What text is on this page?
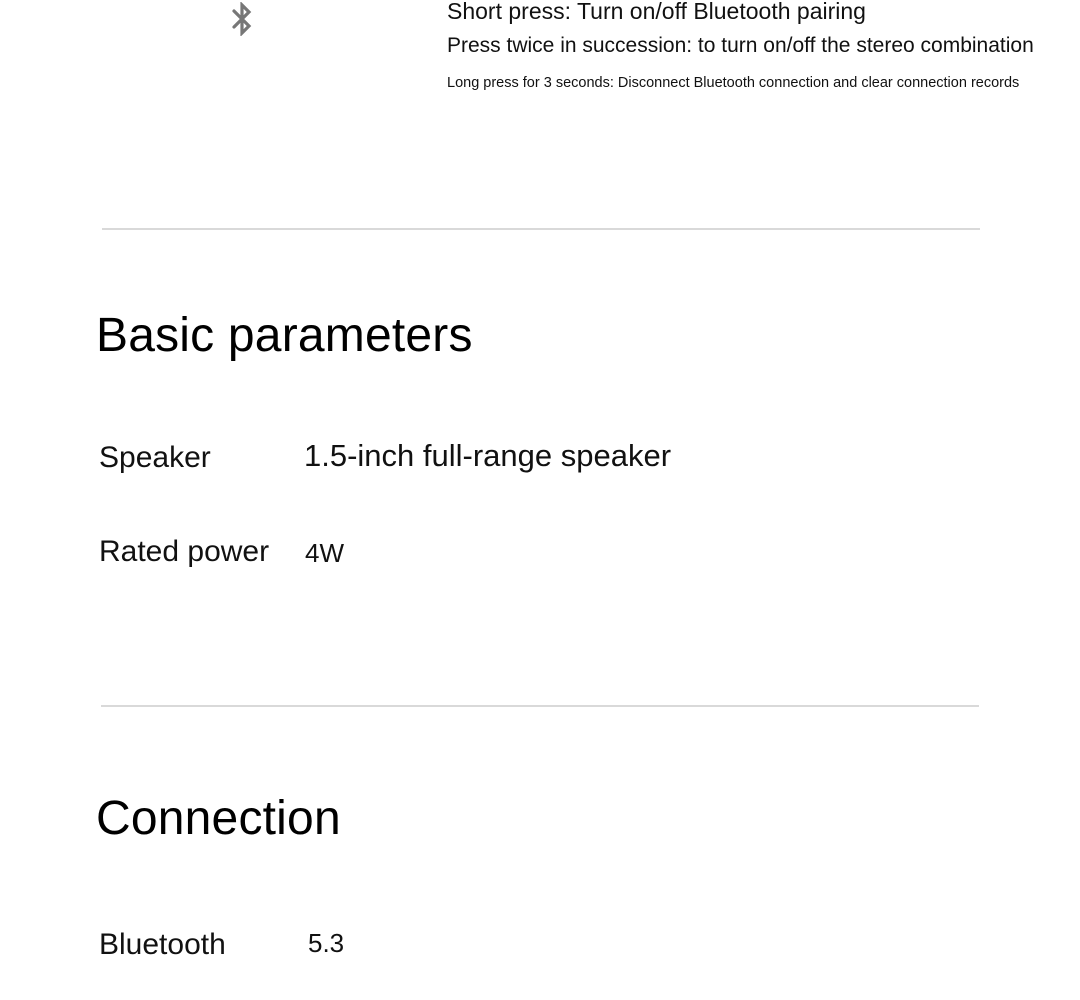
Short press: Turn on/off Bluetooth pairing
Press twice in succession: to turn on/off the stereo combination
Long press for 3 seconds: Disconnect Bluetooth connection and clear connection records
Basic parameters
Speaker	1.5-inch full-range speaker
Rated power 4W
Connection
Bluetooth	5.3
